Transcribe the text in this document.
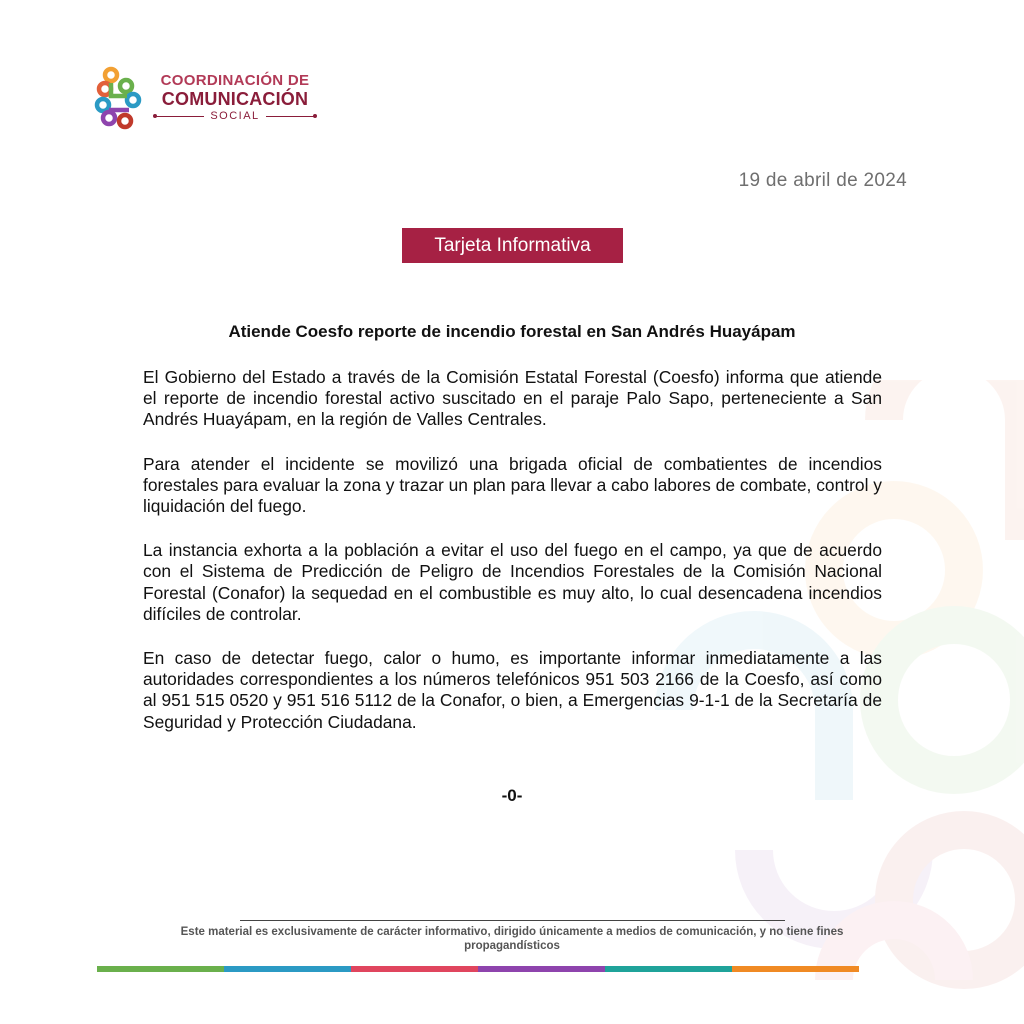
COORDINACIÓN DE
COMUNICACIÓN
SOCIAL
19 de abril de 2024
Tarjeta Informativa
Atiende Coesfo reporte de incendio forestal en San Andrés Huayápam

El Gobierno del Estado a través de la Comisión Estatal Forestal (Coesfo) informa que atiende el reporte de incendio forestal activo suscitado en el paraje Palo Sapo, perteneciente a San Andrés Huayápam, en la región de Valles Centrales.

Para atender el incidente se movilizó una brigada oficial de combatientes de incendios forestales para evaluar la zona y trazar un plan para llevar a cabo labores de combate, control y liquidación del fuego.

La instancia exhorta a la población a evitar el uso del fuego en el campo, ya que de acuerdo con el Sistema de Predicción de Peligro de Incendios Forestales de la Comisión Nacional Forestal (Conafor) la sequedad en el combustible es muy alto, lo cual desencadena incendios difíciles de controlar.

En caso de detectar fuego, calor o humo, es importante informar inmediatamente a las autoridades correspondientes a los números telefónicos 951 503 2166 de la Coesfo, así como al 951 515 0520 y 951 516 5112 de la Conafor, o bien, a Emergencias 9-1-1 de la Secretaría de Seguridad y Protección Ciudadana.

-0-
Este material es exclusivamente de carácter informativo, dirigido únicamente a medios de comunicación, y no tiene fines
propagandísticos
